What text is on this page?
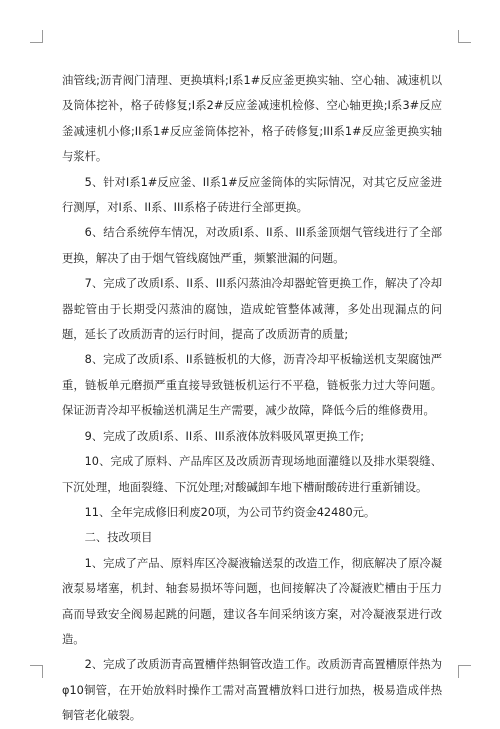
油管线;沥青阀门清理、更换填料;I系1#反应釜更换实轴、空心轴、减速机以及筒体挖补，格子砖修复;I系2#反应釜减速机检修、空心轴更换;I系3#反应釜减速机小修;II系1#反应釜筒体挖补，格子砖修复;III系1#反应釜更换实轴与浆杆。

5、针对I系1#反应釜、II系1#反应釜筒体的实际情况，对其它反应釜进行测厚，对I系、II系、III系格子砖进行全部更换。

6、结合系统停车情况，对改质I系、II系、III系釜顶烟气管线进行了全部更换，解决了由于烟气管线腐蚀严重，频繁泄漏的问题。

7、完成了改质I系、II系、III系闪蒸油冷却器蛇管更换工作，解决了冷却器蛇管由于长期受闪蒸油的腐蚀，造成蛇管整体减薄，多处出现漏点的问题，延长了改质沥青的运行时间，提高了改质沥青的质量;

8、完成了改质I系、II系链板机的大修，沥青冷却平板输送机支架腐蚀严重，链板单元磨损严重直接导致链板机运行不平稳，链板张力过大等问题。保证沥青冷却平板输送机满足生产需要，减少故障，降低今后的维修费用。

9、完成了改质I系、II系、III系液体放料吸风罩更换工作;

10、完成了原料、产品库区及改质沥青现场地面灌缝以及排水渠裂缝、下沉处理，地面裂缝、下沉处理;对酸碱卸车地下槽耐酸砖进行重新铺设。

11、全年完成修旧利废20项，为公司节约资金42480元。

二、技改项目

1、完成了产品、原料库区冷凝液输送泵的改造工作，彻底解决了原冷凝液泵易堵塞，机封、轴套易损坏等问题，也间接解决了冷凝液贮槽由于压力高而导致安全阀易起跳的问题，建议各车间采纳该方案，对冷凝液泵进行改造。

2、完成了改质沥青高置槽伴热铜管改造工作。改质沥青高置槽原伴热为φ10铜管，在开始放料时操作工需对高置槽放料口进行加热，极易造成伴热铜管老化破裂。
